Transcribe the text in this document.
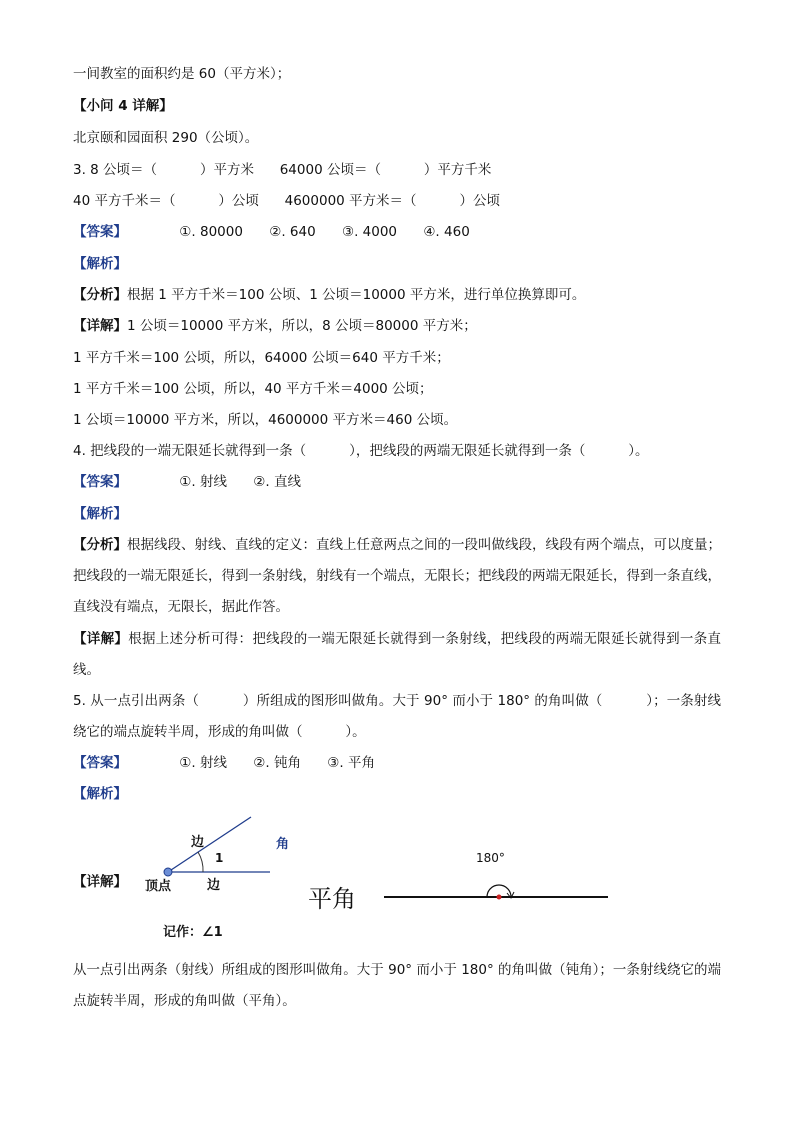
一间教室的面积约是 60（平方米）；
【小问 4 详解】
北京颐和园面积 290（公顷）。
3. 8 公顷＝（          ）平方米      64000 公顷＝（          ）平方千米
40 平方千米＝（          ）公顷      4600000 平方米＝（          ）公顷
【答案】	①. 80000 ②. 640 ③. 4000 ④. 460
【解析】
【分析】根据 1 平方千米＝100 公顷、1 公顷＝10000 平方米，进行单位换算即可。
【详解】1 公顷＝10000 平方米，所以，8 公顷＝80000 平方米；
1 平方千米＝100 公顷，所以，64000 公顷＝640 平方千米；
1 平方千米＝100 公顷，所以，40 平方千米＝4000 公顷；
1 公顷＝10000 平方米，所以，4600000 平方米＝460 公顷。
4. 把线段的一端无限延长就得到一条（          ），把线段的两端无限延长就得到一条（          ）。
【答案】	①. 射线 ②. 直线
【解析】
【分析】根据线段、射线、直线的定义：直线上任意两点之间的一段叫做线段，线段有两个端点，可以度量；把线段的一端无限延长，得到一条射线，射线有一个端点，无限长；把线段的两端无限延长，得到一条直线，直线没有端点，无限长，据此作答。
【详解】根据上述分析可得：把线段的一端无限延长就得到一条射线，把线段的两端无限延长就得到一条直线。
5. 从一点引出两条（          ）所组成的图形叫做角。大于 90° 而小于 180° 的角叫做（          ）；一条射线绕它的端点旋转半周，形成的角叫做（          ）。
【答案】	①. 射线 ②. 钝角 ③. 平角
【解析】
【详解】
边
1
角
顶点	边
记作：∠1
平角
180°
从一点引出两条（射线）所组成的图形叫做角。大于 90° 而小于 180° 的角叫做（钝角）；一条射线绕它的端点旋转半周，形成的角叫做（平角）。
